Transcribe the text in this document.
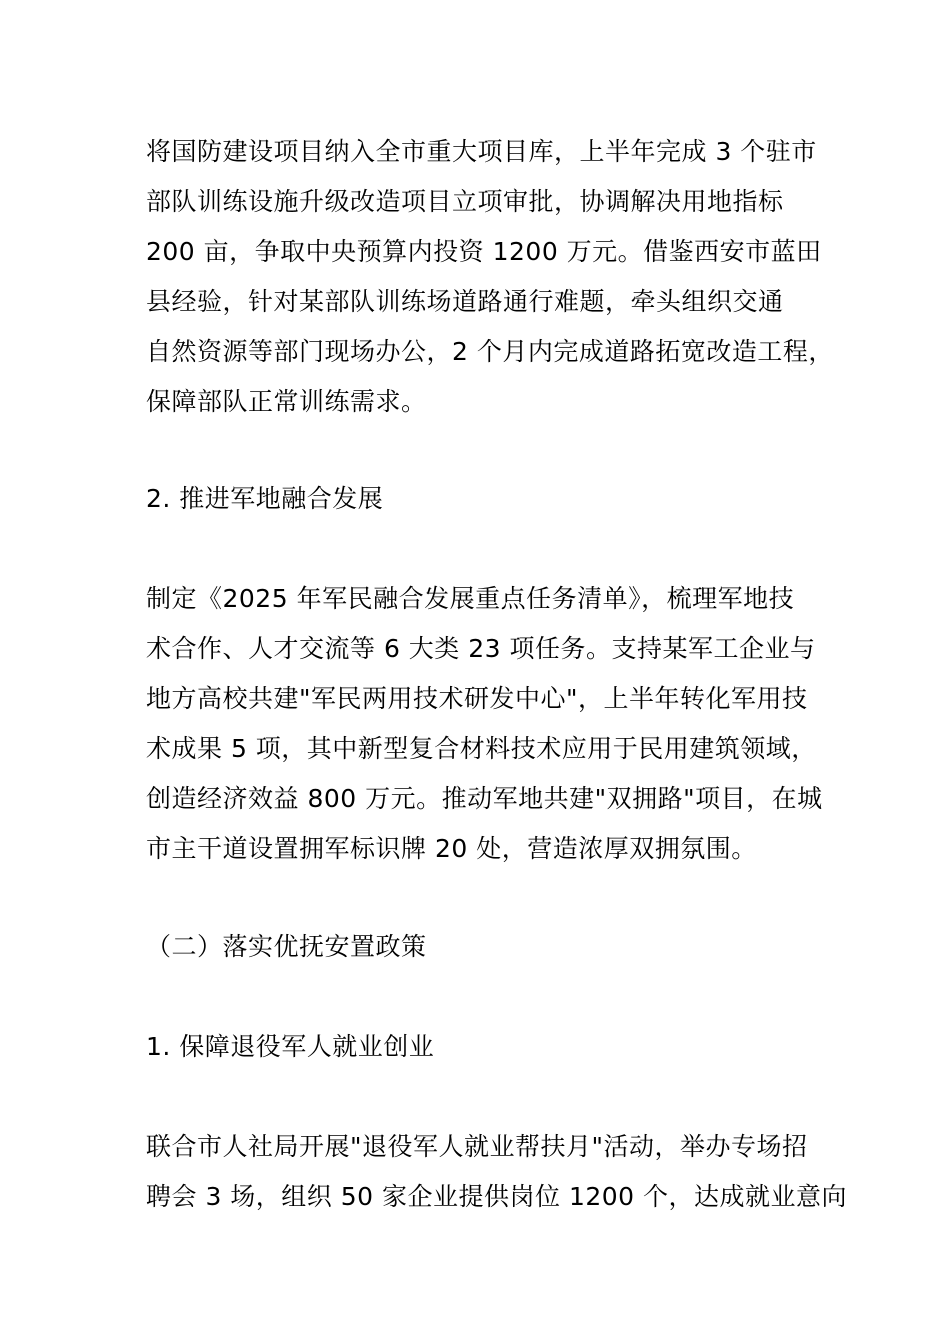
将国防建设项目纳入全市重大项目库，上半年完成 3 个驻市
部队训练设施升级改造项目立项审批，协调解决用地指标
200 亩，争取中央预算内投资 1200 万元。借鉴西安市蓝田
县经验，针对某部队训练场道路通行难题，牵头组织交通
自然资源等部门现场办公，2 个月内完成道路拓宽改造工程，
保障部队正常训练需求。
2. 推进军地融合发展
制定《2025 年军民融合发展重点任务清单》，梳理军地技
术合作、人才交流等 6 大类 23 项任务。支持某军工企业与
地方高校共建"军民两用技术研发中心"，上半年转化军用技
术成果 5 项，其中新型复合材料技术应用于民用建筑领域，
创造经济效益 800 万元。推动军地共建"双拥路"项目，在城
市主干道设置拥军标识牌 20 处，营造浓厚双拥氛围。
（二）落实优抚安置政策
1. 保障退役军人就业创业
联合市人社局开展"退役军人就业帮扶月"活动，举办专场招
聘会 3 场，组织 50 家企业提供岗位 1200 个，达成就业意向
